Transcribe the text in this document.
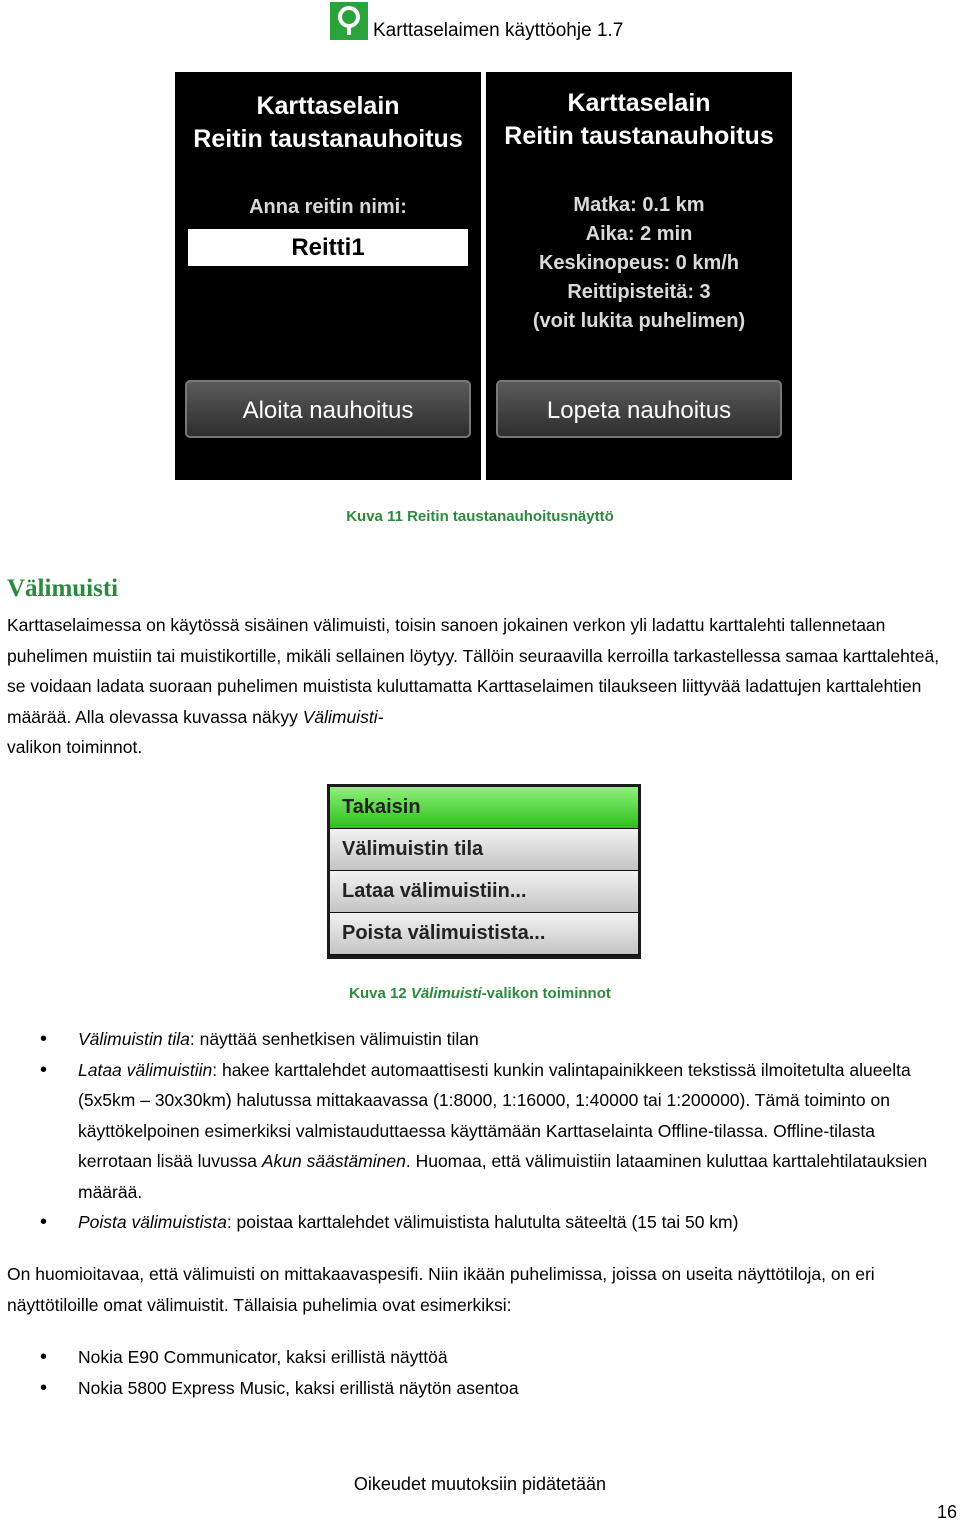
Karttaselaimen käyttöohje 1.7
Karttaselain
Reitin taustanauhoitus
Anna reitin nimi:
Reitti1
Aloita nauhoitus
Karttaselain
Reitin taustanauhoitus
Matka: 0.1 km
Aika: 2 min
Keskinopeus: 0 km/h
Reittipisteitä: 3
(voit lukita puhelimen)
Lopeta nauhoitus
Kuva 11 Reitin taustanauhoitusnäyttö
Välimuisti
Karttaselaimessa on käytössä sisäinen välimuisti, toisin sanoen jokainen verkon yli ladattu karttalehti tallennetaan puhelimen muistiin tai muistikortille, mikäli sellainen löytyy. Tällöin seuraavilla kerroilla tarkastellessa samaa karttalehteä, se voidaan ladata suoraan puhelimen muistista kuluttamatta Karttaselaimen tilaukseen liittyvää ladattujen karttalehtien määrää. Alla olevassa kuvassa näkyy Välimuisti-
valikon toiminnot.
Takaisin
Välimuistin tila
Lataa välimuistiin...
Poista välimuistista...
Kuva 12 Välimuisti-valikon toiminnot
• Välimuistin tila: näyttää senhetkisen välimuistin tilan
• Lataa välimuistiin: hakee karttalehdet automaattisesti kunkin valintapainikkeen tekstissä ilmoitetulta alueelta (5x5km – 30x30km) halutussa mittakaavassa (1:8000, 1:16000, 1:40000 tai 1:200000). Tämä toiminto on käyttökelpoinen esimerkiksi valmistauduttaessa käyttämään Karttaselainta Offline-tilassa. Offline-tilasta kerrotaan lisää luvussa Akun säästäminen. Huomaa, että välimuistiin lataaminen kuluttaa karttalehtilatauksien määrää.
• Poista välimuistista: poistaa karttalehdet välimuistista halutulta säteeltä (15 tai 50 km)
On huomioitavaa, että välimuisti on mittakaavaspesifi. Niin ikään puhelimissa, joissa on useita näyttötiloja, on eri näyttötiloille omat välimuistit. Tällaisia puhelimia ovat esimerkiksi:
• Nokia E90 Communicator, kaksi erillistä näyttöä
• Nokia 5800 Express Music, kaksi erillistä näytön asentoa
Oikeudet muutoksiin pidätetään
16
